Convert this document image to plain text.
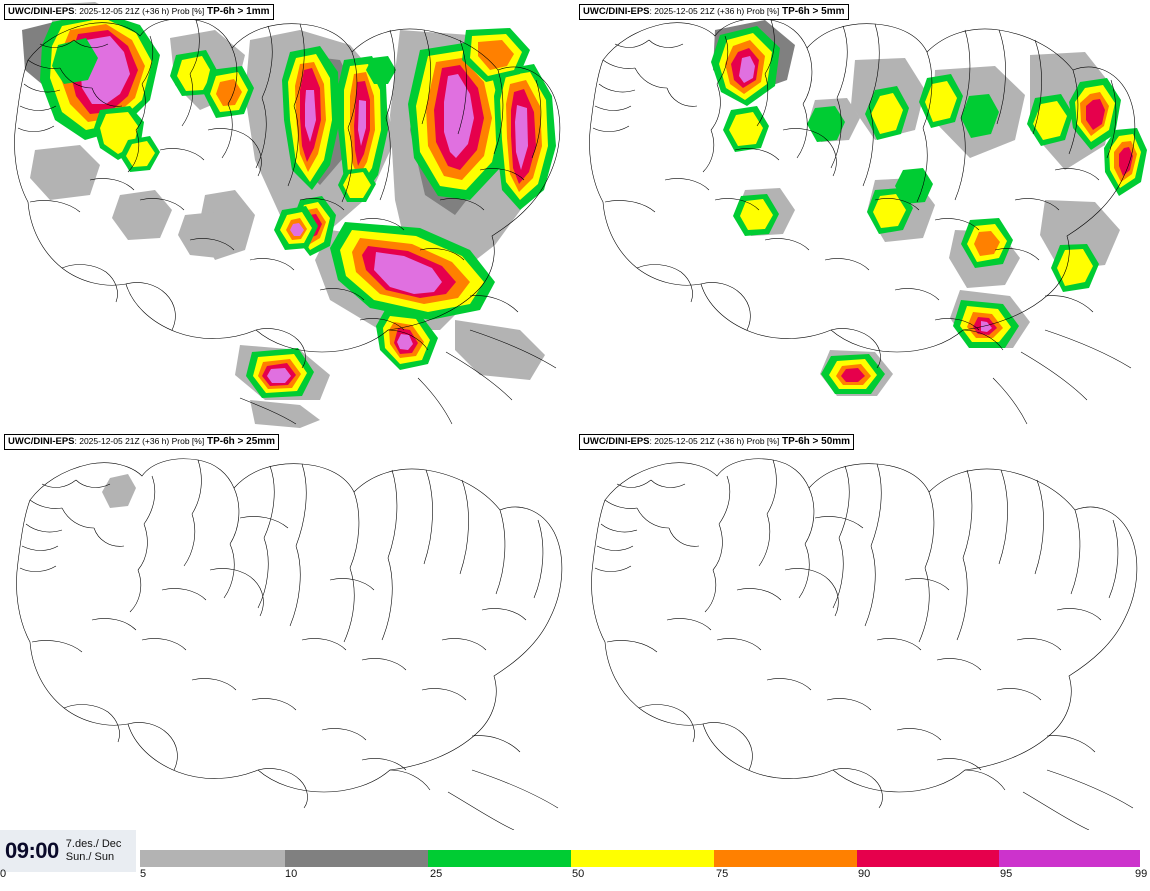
UWC/DINI-EPS: 2025-12-05 21Z (+36 h) Prob [%] TP-6h > 1mm	UWC/DINI-EPS: 2025-12-05 21Z (+36 h) Prob [%] TP-6h > 5mm
UWC/DINI-EPS: 2025-12-05 21Z (+36 h) Prob [%] TP-6h > 25mm	UWC/DINI-EPS: 2025-12-05 21Z (+36 h) Prob [%] TP-6h > 50mm
09:00 7.des./ Dec
Sun./ Sun
0	5	10	25	50	75	90	95	99
